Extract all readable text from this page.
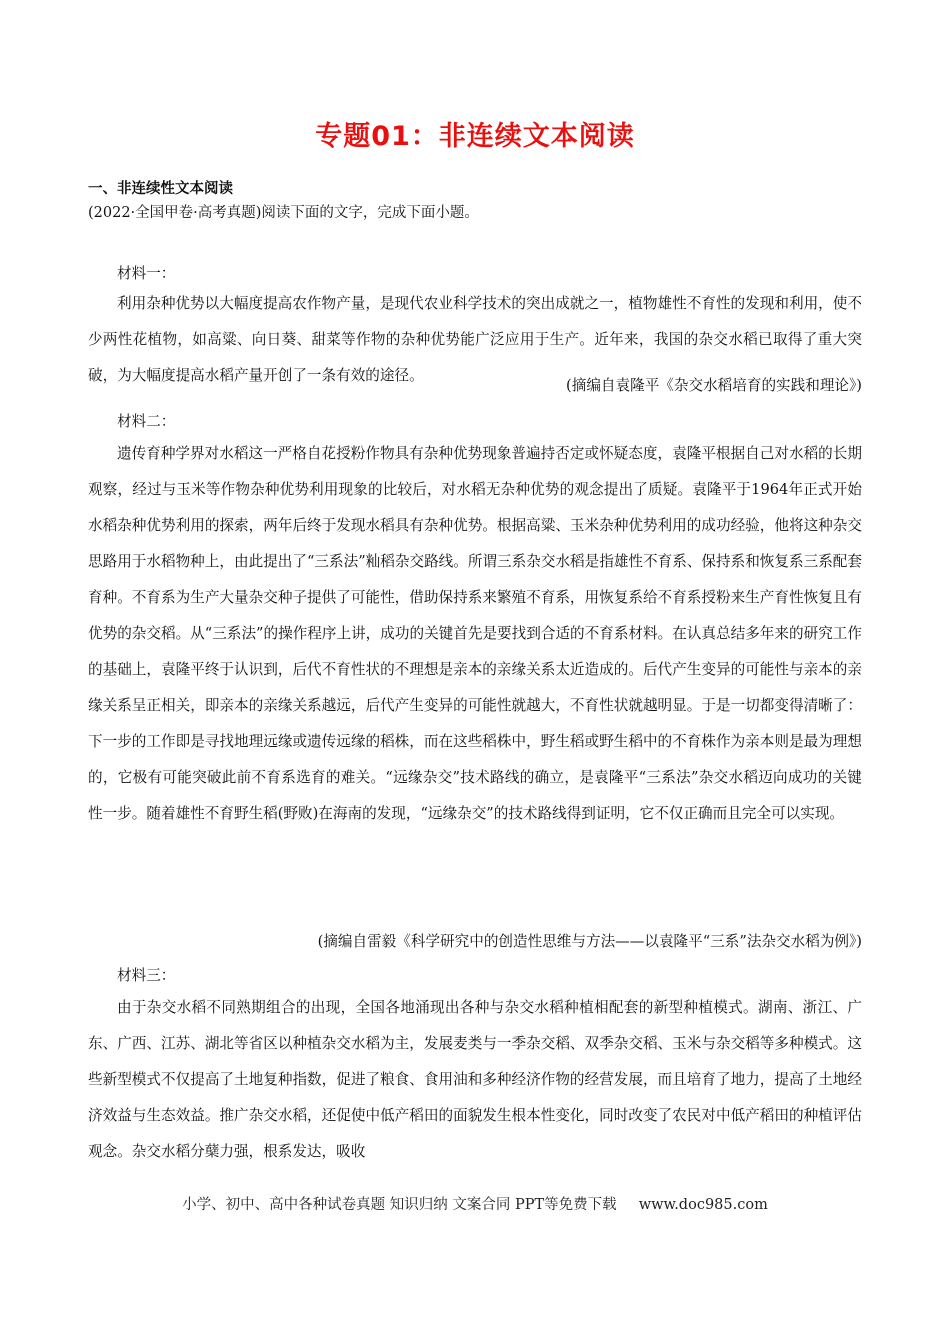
专题01：非连续文本阅读
一、非连续性文本阅读
(2022·全国甲卷·高考真题)阅读下面的文字，完成下面小题。
材料一：
利用杂种优势以大幅度提高农作物产量，是现代农业科学技术的突出成就之一，植物雄性不育性的发现和利用，使不少两性花植物，如高粱、向日葵、甜菜等作物的杂种优势能广泛应用于生产。近年来，我国的杂交水稻已取得了重大突破，为大幅度提高水稻产量开创了一条有效的途径。
(摘编自袁隆平《杂交水稻培育的实践和理论》)
材料二：
遗传育种学界对水稻这一严格自花授粉作物具有杂种优势现象普遍持否定或怀疑态度，袁隆平根据自己对水稻的长期观察，经过与玉米等作物杂种优势利用现象的比较后，对水稻无杂种优势的观念提出了质疑。袁隆平于1964年正式开始水稻杂种优势利用的探索，两年后终于发现水稻具有杂种优势。根据高粱、玉米杂种优势利用的成功经验，他将这种杂交思路用于水稻物种上，由此提出了“三系法”籼稻杂交路线。所谓三系杂交水稻是指雄性不育系、保持系和恢复系三系配套育种。不育系为生产大量杂交种子提供了可能性，借助保持系来繁殖不育系，用恢复系给不育系授粉来生产育性恢复且有优势的杂交稻。从“三系法”的操作程序上讲，成功的关键首先是要找到合适的不育系材料。在认真总结多年来的研究工作的基础上，袁隆平终于认识到，后代不育性状的不理想是亲本的亲缘关系太近造成的。后代产生变异的可能性与亲本的亲缘关系呈正相关，即亲本的亲缘关系越远，后代产生变异的可能性就越大，不育性状就越明显。于是一切都变得清晰了：下一步的工作即是寻找地理远缘或遗传远缘的稻株，而在这些稻株中，野生稻或野生稻中的不育株作为亲本则是最为理想的，它极有可能突破此前不育系选育的难关。“远缘杂交”技术路线的确立，是袁隆平“三系法”杂交水稻迈向成功的关键性一步。随着雄性不育野生稻(野败)在海南的发现，“远缘杂交”的技术路线得到证明，它不仅正确而且完全可以实现。
(摘编自雷毅《科学研究中的创造性思维与方法——以袁隆平“三系”法杂交水稻为例》)
材料三：
由于杂交水稻不同熟期组合的出现，全国各地涌现出各种与杂交水稻种植相配套的新型种植模式。湖南、浙江、广东、广西、江苏、湖北等省区以种植杂交水稻为主，发展麦类与一季杂交稻、双季杂交稻、玉米与杂交稻等多种模式。这些新型模式不仅提高了土地复种指数，促进了粮食、食用油和多种经济作物的经营发展，而且培育了地力，提高了土地经济效益与生态效益。推广杂交水稻，还促使中低产稻田的面貌发生根本性变化，同时改变了农民对中低产稻田的种植评估观念。杂交水稻分蘖力强，根系发达，吸收
小学、初中、高中各种试卷真题 知识归纳 文案合同 PPT等免费下载 www.doc985.com
